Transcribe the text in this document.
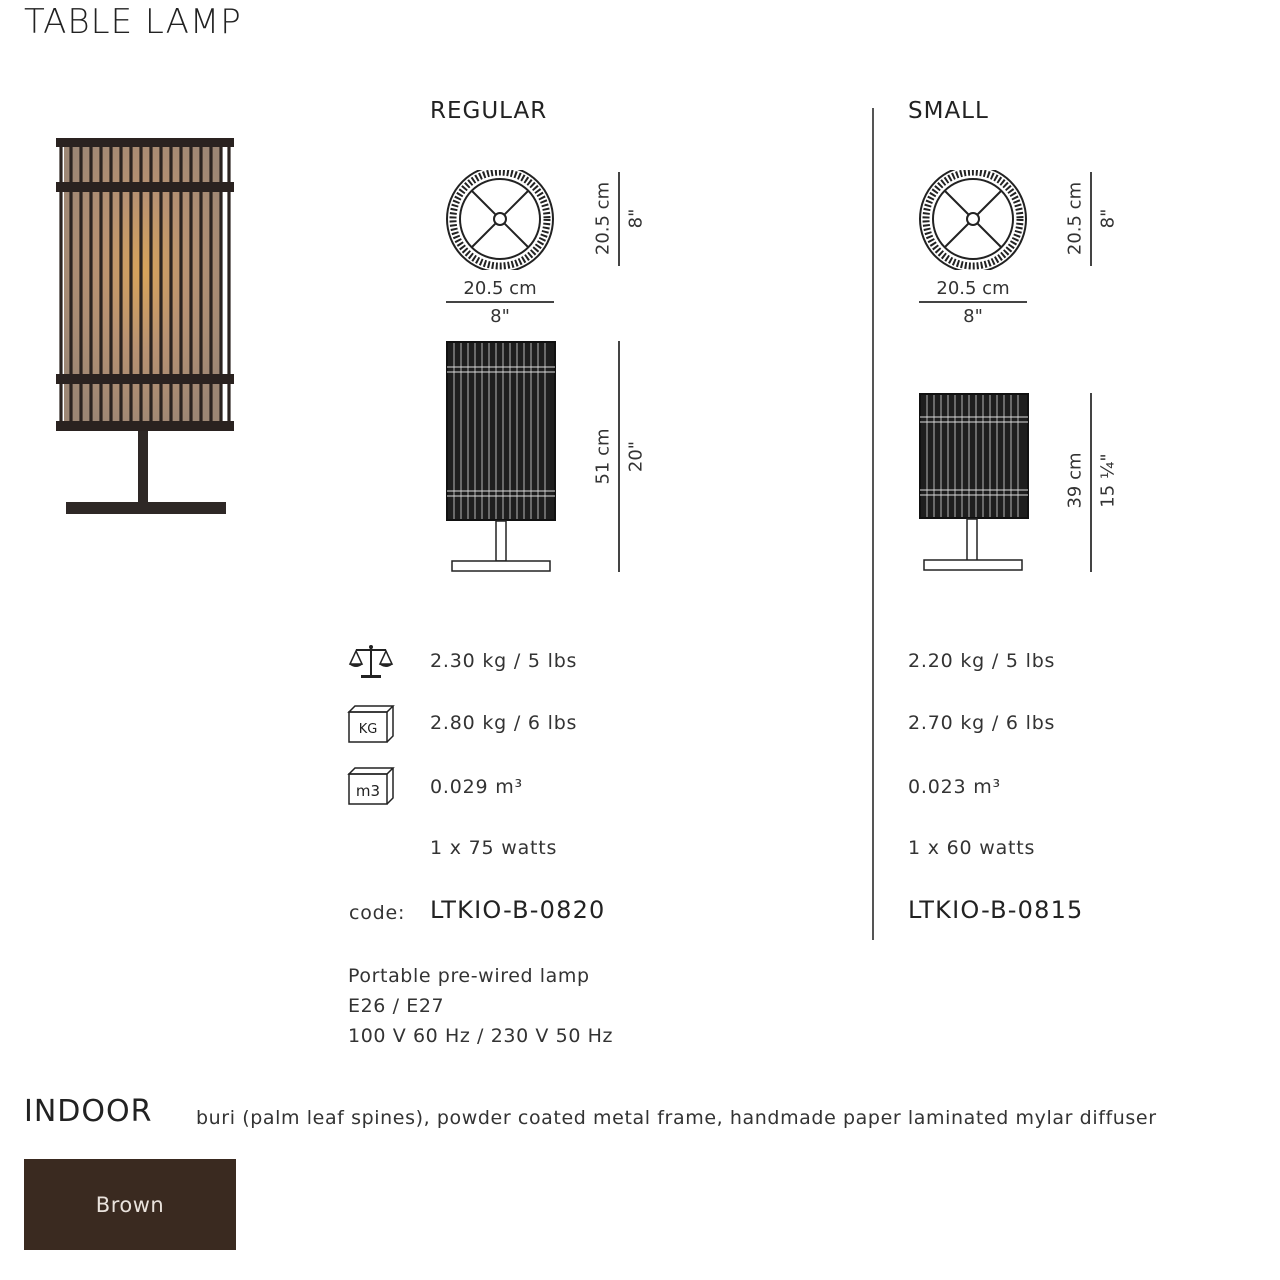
TABLE LAMP
REGULAR	SMALL
20.5 cm
8"
20.5 cm 8"
51 cm 20"
20.5 cm
8"
20.5 cm 8"
39 cm 15 ¼"
KG
m3
2.30 kg / 5 lbs
2.80 kg / 6 lbs
0.029 m³
1 x 75 watts
2.20 kg / 5 lbs
2.70 kg / 6 lbs
0.023 m³
1 x 60 watts
code: LTKIO-B-0820	LTKIO-B-0815
Portable pre-wired lamp
E26 / E27
100 V 60 Hz / 230 V 50 Hz
INDOOR buri (palm leaf spines), powder coated metal frame, handmade paper laminated mylar diffuser
Brown
